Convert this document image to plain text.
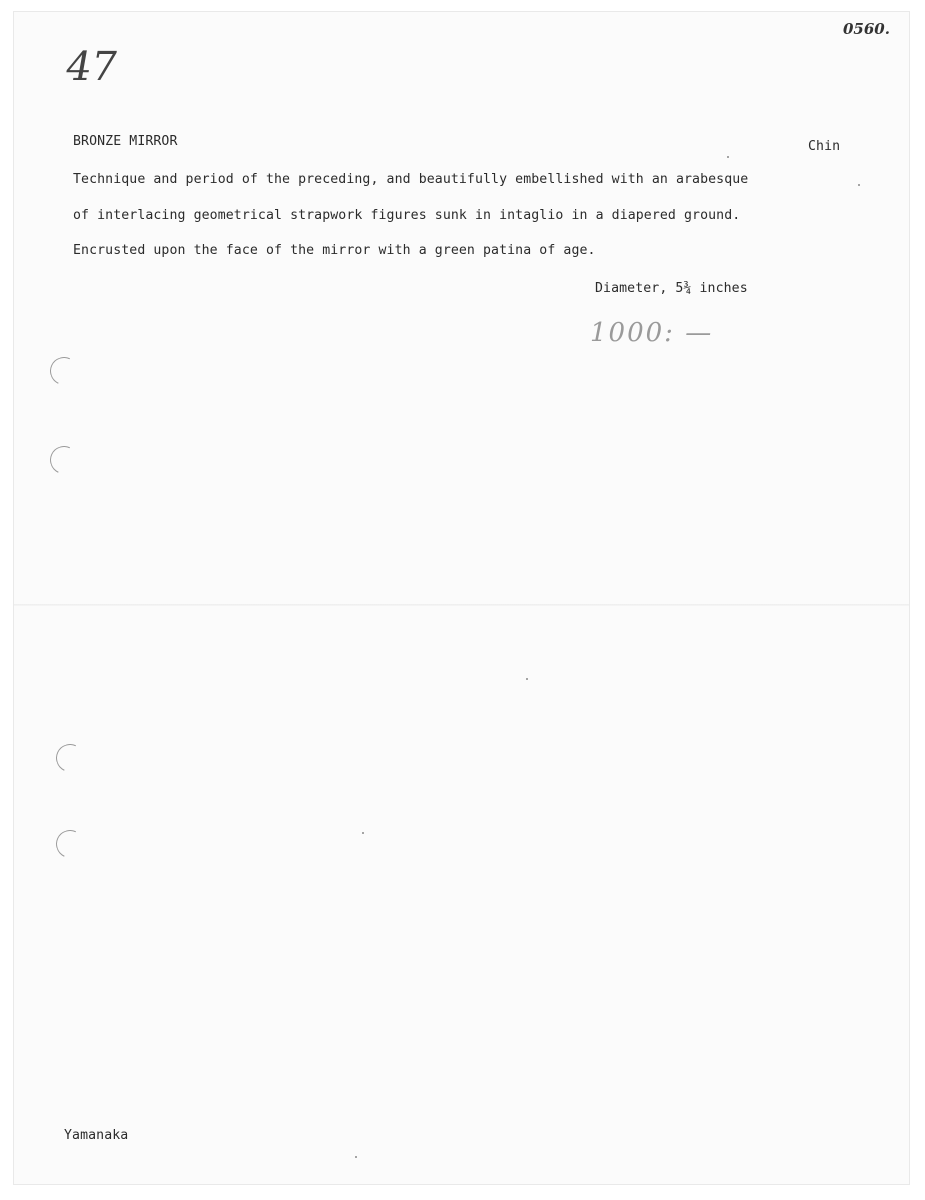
0560.
47
BRONZE MIRROR	Chin
Technique and period of the preceding, and beautifully embellished with an arabesque
of interlacing geometrical strapwork figures sunk in intaglio in a diapered ground.
Encrusted upon the face of the mirror with a green patina of age.
Diameter, 5¾ inches
1000: —
Yamanaka
